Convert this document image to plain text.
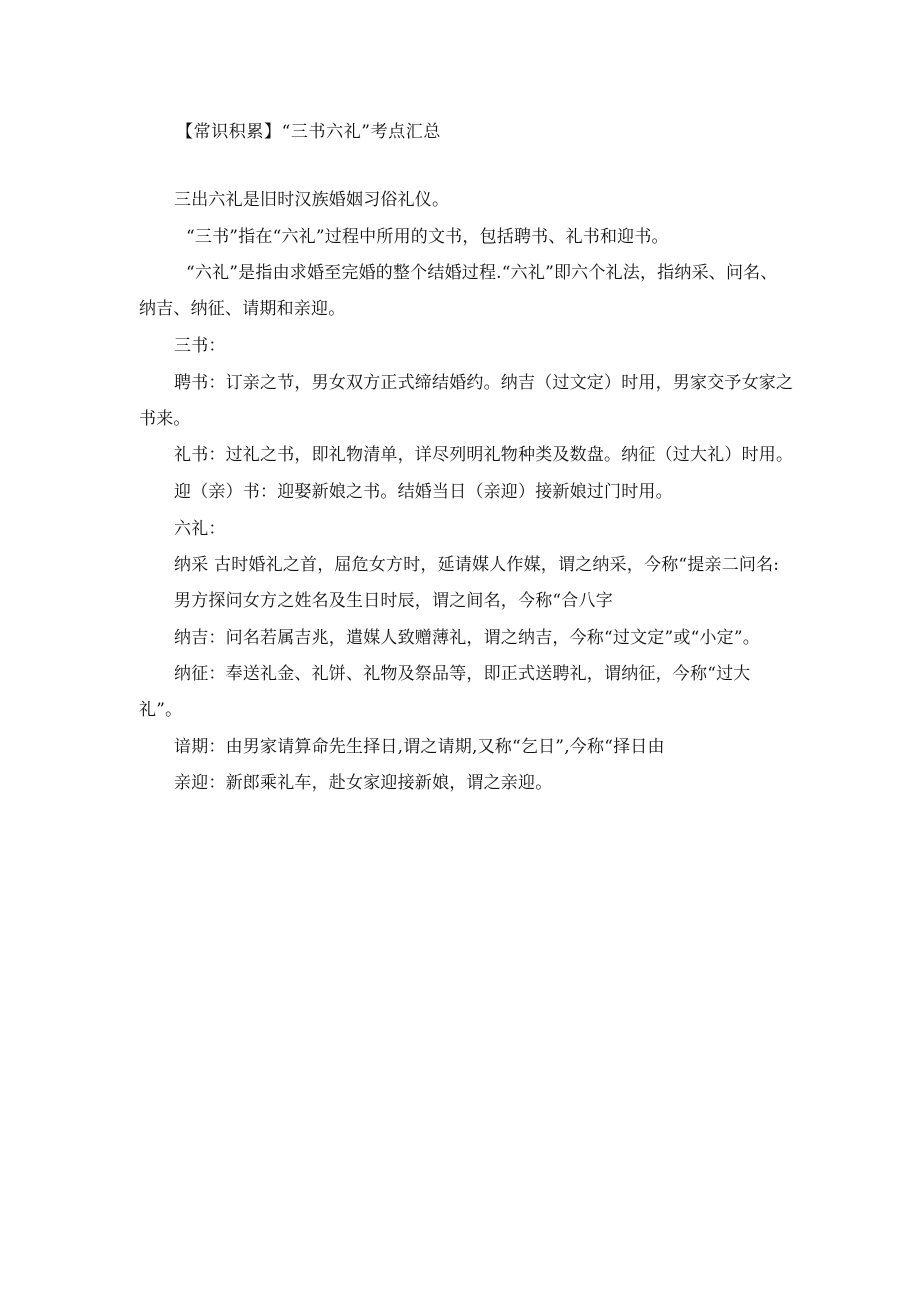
【常识积累】“三书六礼”考点汇总
三出六礼是旧时汉族婚姻习俗礼仪。
“三书”指在“六礼”过程中所用的文书，包括聘书、礼书和迎书。
“六礼”是指由求婚至完婚的整个结婚过程.“六礼”即六个礼法，指纳采、问名、
纳吉、纳征、请期和亲迎。
三书：
聘书：订亲之节，男女双方正式缔结婚约。纳吉（过文定）时用，男家交予女家之
书来。
礼书：过礼之书，即礼物清单，详尽列明礼物种类及数盘。纳征（过大礼）时用。
迎（亲）书：迎娶新娘之书。结婚当日（亲迎）接新娘过门时用。
六礼：
纳采 古时婚礼之首，屈危女方时，延请媒人作媒，谓之纳采，今称“提亲二问名:
男方探问女方之姓名及生日时辰，谓之间名，今称“合八字
纳吉：问名若属吉兆，遣媒人致赠薄礼，谓之纳吉，今称“过文定”或“小定”。
纳征：奉送礼金、礼饼、礼物及祭品等，即正式送聘礼，谓纳征，今称“过大
礼”。
谙期：由男家请算命先生择日,谓之请期,又称“乞日”,今称“择日由
亲迎：新郎乘礼车，赴女家迎接新娘，谓之亲迎。
